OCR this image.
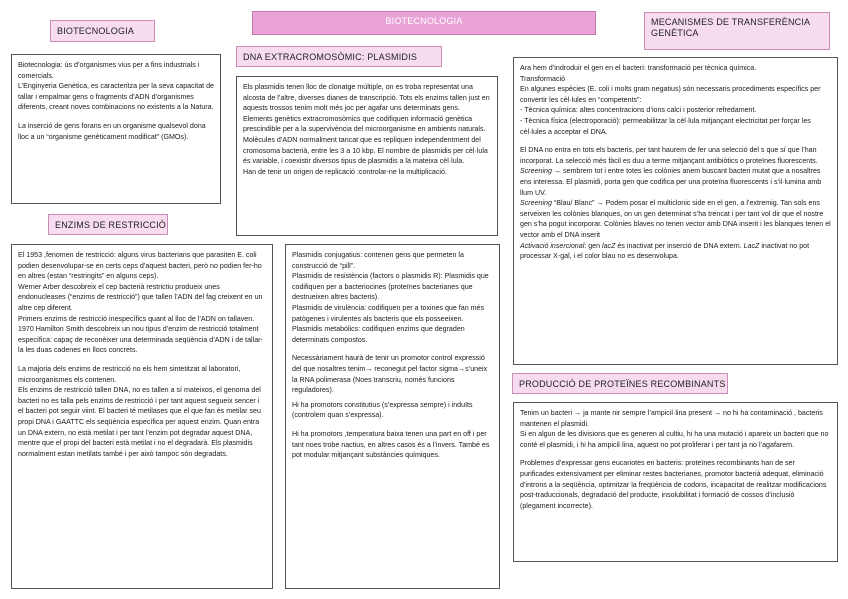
BIOTECNOLOGIA
BIOTECNOLOGIA
DNA EXTRACROMOSÒMIC: PLASMIDIS
MECANISMES DE TRANSFERÈNCIA GENÈTICA
ENZIMS DE RESTRICCIÓ
PRODUCCIÓ DE PROTEÏNES RECOMBINANTS

Biotecnologia: ús d’organismes vius per a fins industrials i comercials.

L’Enginyeria Genètica, es caracteritza per la seva capacitat de tallar i empalmar gens o fragments d’ADN d’organismes diferents, creant noves combinacions no existents a la Natura.

La inserció de gens forans en un organisme qualsevol dona lloc a un “organisme genèticament modificat” (GMOs).

Els plasmidis tenen lloc de clonatge múltiple, on es troba representat una alcosta de l’altre, diverses dianes de transcripció. Tots els enzims tallen just en aquests trossos tenim molt més joc per agafar uns determinats gens.

Elements genètics extracromosòmics que codifiquen informació genètica prescindible per a la supervivència del microorganisme en ambients naturals. Molècules d’ADN normalment tancat que es repliquen independentment del cromosoma bacterià, entre les 3 a 10 kbp. El nombre de plasmidis per cèl·lula és variable, i coexistir diversos tipus de plasmidis a la mateixa cèl·lula.

Han de tenir un origen de replicació :controlar-ne la multiplicació.

Ara hem d’indroduir el gen en el bacteri: transformació per tècnica química.

Transformació

En algunes espècies (E. coli i molts gram negatius) són necessaris procediments específics per convertir les cèl·lules en “competents”:

- Tècnica química: altes concentracions d’ions calci i posterior refredament.

- Tècnica física (electroporació): permeabilitzar la cèl·lula mitjançant electricitat per forçar les cèl·lules a acceptar el DNA.

El DNA no entra en tots els bacteris, per tant haurem de fer una selecció del s que sí que l’han incorporat. La selecció més fàcil es duu a terme mitjançant antibiòtics o proteïnes fluorescents.

Screening → sembrem tot i entre totes les colònies anem buscant bacteri mutat que a nosaltres ens interessa. El plasmidi, porta gen que codifica per una proteïna fluorescents i s’il·lumina amb llum UV.

Screening “Blau/ Blanc” → Podem posar el multiclonic side en el gen, a l’extremig. Tan sols ens serveixen les colònies blanques, on un gen determinat s’ha trencat i per tant vol dir que el nostre gen s’ha pogut incorporar. Colònies blaves no tenen vector amb DNA inserit i les blanques tenen el vector amb el DNA inserit

Activació insercional: gen lacZ és inactivat per inserció de DNA extern. LacZ inactivat no pot processar X-gal, i el color blau no es desenvolupa.

El 1953 ,fenomen de restricció: alguns virus bacterians que parasiten E. coli podien desenvolupar-se en certs ceps d’aquest bacteri, però no podien fer-ho en altres (estan “restringits” en alguns ceps).

Werner Arber descobreix el cep bacterià restrictiu produeix unes endonucleases (“enzims de restricció”) que tallen l’ADN del fag creixent en un altre cep diferent.

Primers enzims de restricció inespecífics quant al lloc de l’ADN on tallaven. 1970 Hamilton Smith descobreix un nou tipus d’enzim de restricció totalment específica: capaç de reconèixer una determinada seqüència d’ADN i de tallar-la les duas cadenes en llocs concrets.

La majoria dels enzims de restricció no els hem sintetitzat al laboratori, microorganismes els contenen.

Els enzims de restricció tallen DNA, no es tallen a sí mateixos, el genoma del bacteri no es talla pels enzims de restricció i per tant aquest segueix sencer i el bacteri pot seguir viint. El bacteri té metilases que el que fan és metilar seu propi DNA i GAATTC els seqüència específica per aquest enzim. Quan entra un DNA extern, no està metilat i per tant l’enzim pot degradar aquest DNA, mentre que el propi del bacteri està metilat i no el degradarà. Els plasmidis normalment estan metilats també i per això tampoc són degradats.

Plasmidis conjugatius: contenen gens que permeten la construcció de “pill”.

Plasmidis de resistència (factors o plasmidis R): Plasmidis que codifiquen per a bacteriocines (proteïnes bacterianes que destrueixen altres bacteris).

Plasmidis de virulència: codifiquen per a toxines que fan més patògenes i virulentes als bacteris que els posseeixen.

Plasmidis metabòlics: codifiquen enzims que degraden determinats compostos.

Necessàriament haurà de tenir un promotor control expressió del que nosaltres tenim→ reconegut pel factor sigma→s’uneix la RNA polimerasa (Noes transcriu, només funcions reguladores).

Hi ha promotors constitutius (s’expressa sempre) i induïts (controlem quan s’expressa).

Hi ha promotors ,temperatura baixa tenen una part en off i per tant noes trobe nactius, en altres casos és a l’invers. També es pot modular mitjançant substàncies químiques.

Tenim un bacteri → ja mante nir sempre l’ampicil·lina present → no hi ha contaminació , bacteris mantenen el plasmidi.

Si en algun de les divisions que es generen al cultiu, hi ha una mutació i apareix un bacteri que no conté el plasmidi, i hi ha ampicil·lina, aquest no pot proliferar i per tant ja no l’agafarem.

Problemes d’expressar gens eucariotes en bacteris: proteïnes recombinants han de ser purificades extensivament per eliminar restes bacterianes, promotor bacterià adequat, eliminació d’introns a la seqüència, optimitzar la freqüència de codons, incapacitat de realitzar modificacions post-traduccionals, degradació del producte, insolubilitat i formació de cossos d’inclusió (plegament incorrecte).
